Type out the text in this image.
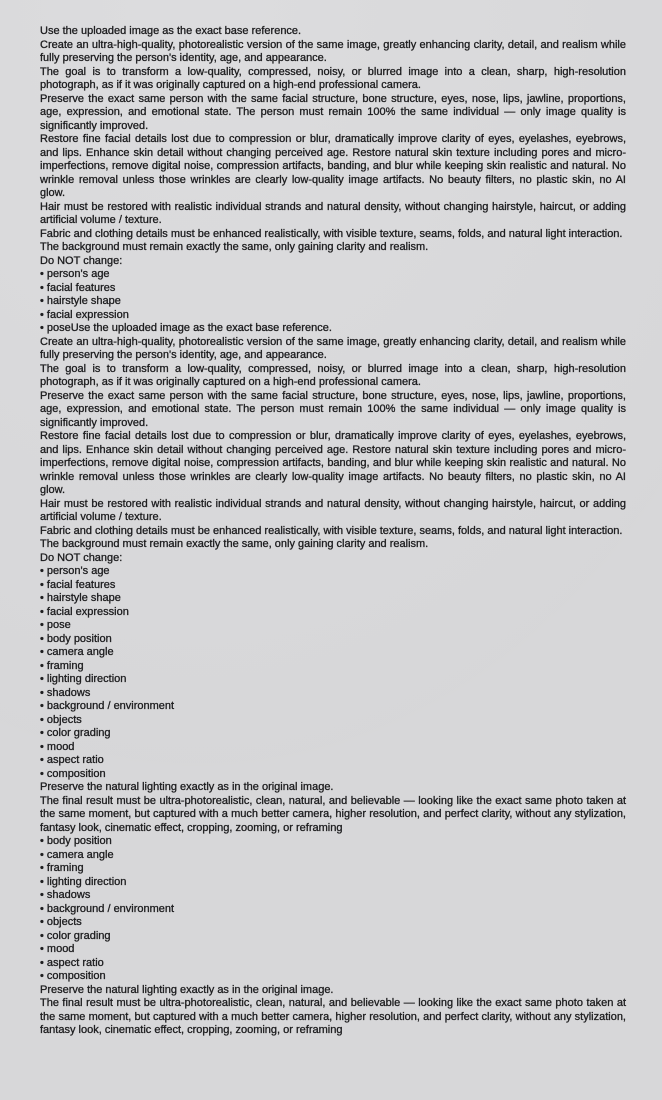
Use the uploaded image as the exact base reference.

Create an ultra-high-quality, photorealistic version of the same image, greatly enhancing clarity, detail, and realism while fully preserving the person's identity, age, and appearance.

The goal is to transform a low-quality, compressed, noisy, or blurred image into a clean, sharp, high-resolution photograph, as if it was originally captured on a high-end professional camera.

Preserve the exact same person with the same facial structure, bone structure, eyes, nose, lips, jawline, proportions, age, expression, and emotional state. The person must remain 100% the same individual — only image quality is significantly improved.

Restore fine facial details lost due to compression or blur, dramatically improve clarity of eyes, eyelashes, eyebrows, and lips. Enhance skin detail without changing perceived age. Restore natural skin texture including pores and micro-imperfections, remove digital noise, compression artifacts, banding, and blur while keeping skin realistic and natural. No wrinkle removal unless those wrinkles are clearly low-quality image artifacts. No beauty filters, no plastic skin, no AI glow.

Hair must be restored with realistic individual strands and natural density, without changing hairstyle, haircut, or adding artificial volume / texture.

Fabric and clothing details must be enhanced realistically, with visible texture, seams, folds, and natural light interaction.

The background must remain exactly the same, only gaining clarity and realism.

Do NOT change:

• person's age

• facial features

• hairstyle shape

• facial expression

• poseUse the uploaded image as the exact base reference.

Create an ultra-high-quality, photorealistic version of the same image, greatly enhancing clarity, detail, and realism while fully preserving the person's identity, age, and appearance.

The goal is to transform a low-quality, compressed, noisy, or blurred image into a clean, sharp, high-resolution photograph, as if it was originally captured on a high-end professional camera.

Preserve the exact same person with the same facial structure, bone structure, eyes, nose, lips, jawline, proportions, age, expression, and emotional state. The person must remain 100% the same individual — only image quality is significantly improved.

Restore fine facial details lost due to compression or blur, dramatically improve clarity of eyes, eyelashes, eyebrows, and lips. Enhance skin detail without changing perceived age. Restore natural skin texture including pores and micro-imperfections, remove digital noise, compression artifacts, banding, and blur while keeping skin realistic and natural. No wrinkle removal unless those wrinkles are clearly low-quality image artifacts. No beauty filters, no plastic skin, no AI glow.

Hair must be restored with realistic individual strands and natural density, without changing hairstyle, haircut, or adding artificial volume / texture.

Fabric and clothing details must be enhanced realistically, with visible texture, seams, folds, and natural light interaction.

The background must remain exactly the same, only gaining clarity and realism.

Do NOT change:

• person's age

• facial features

• hairstyle shape

• facial expression

• pose

• body position

• camera angle

• framing

• lighting direction

• shadows

• background / environment

• objects

• color grading

• mood

• aspect ratio

• composition

Preserve the natural lighting exactly as in the original image.

The final result must be ultra-photorealistic, clean, natural, and believable — looking like the exact same photo taken at the same moment, but captured with a much better camera, higher resolution, and perfect clarity, without any stylization, fantasy look, cinematic effect, cropping, zooming, or reframing

• body position

• camera angle

• framing

• lighting direction

• shadows

• background / environment

• objects

• color grading

• mood

• aspect ratio

• composition

Preserve the natural lighting exactly as in the original image.

The final result must be ultra-photorealistic, clean, natural, and believable — looking like the exact same photo taken at the same moment, but captured with a much better camera, higher resolution, and perfect clarity, without any stylization, fantasy look, cinematic effect, cropping, zooming, or reframing
